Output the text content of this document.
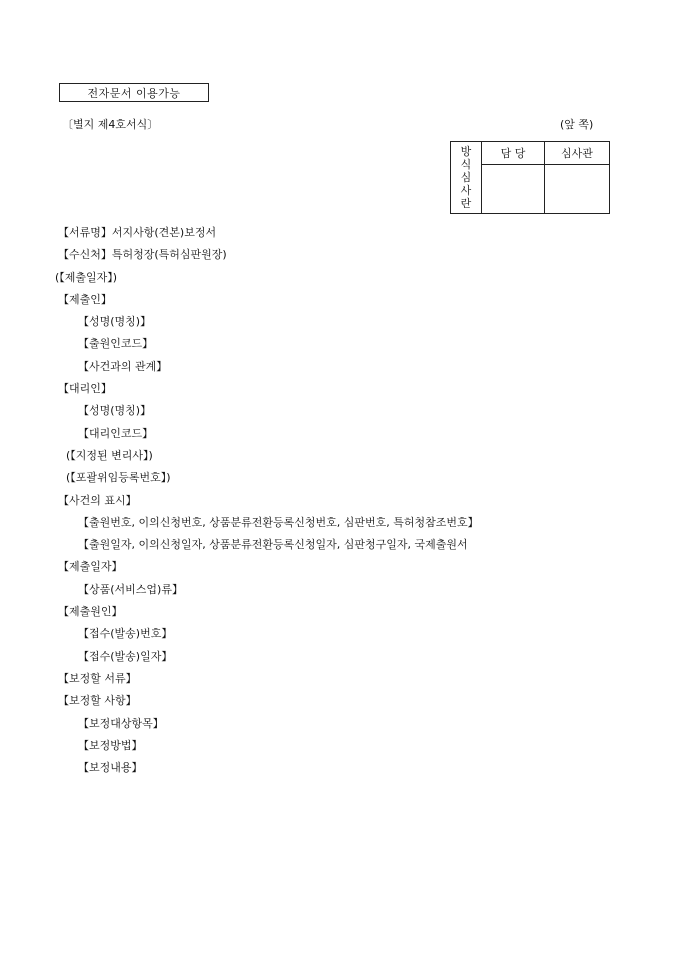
전자문서 이용가능
〔별지 제4호서식〕	(앞 쪽)
방
식
심
사
란	담 당	심사관

【서류명】서지사항(견본)보정서
【수신처】특허청장(특허심판원장)
(【제출일자】)
【제출인】
【성명(명칭)】
【출원인코드】
【사건과의 관계】
【대리인】
【성명(명칭)】
【대리인코드】
(【지정된 변리사】)
(【포괄위임등록번호】)
【사건의 표시】
【출원번호, 이의신청번호, 상품분류전환등록신청번호, 심판번호, 특허청참조번호】
【출원일자, 이의신청일자, 상품분류전환등록신청일자, 심판청구일자, 국제출원서
【제출일자】
【상품(서비스업)류】
【제출원인】
【접수(발송)번호】
【접수(발송)일자】
【보정할 서류】
【보정할 사항】
【보정대상항목】
【보정방법】
【보정내용】
